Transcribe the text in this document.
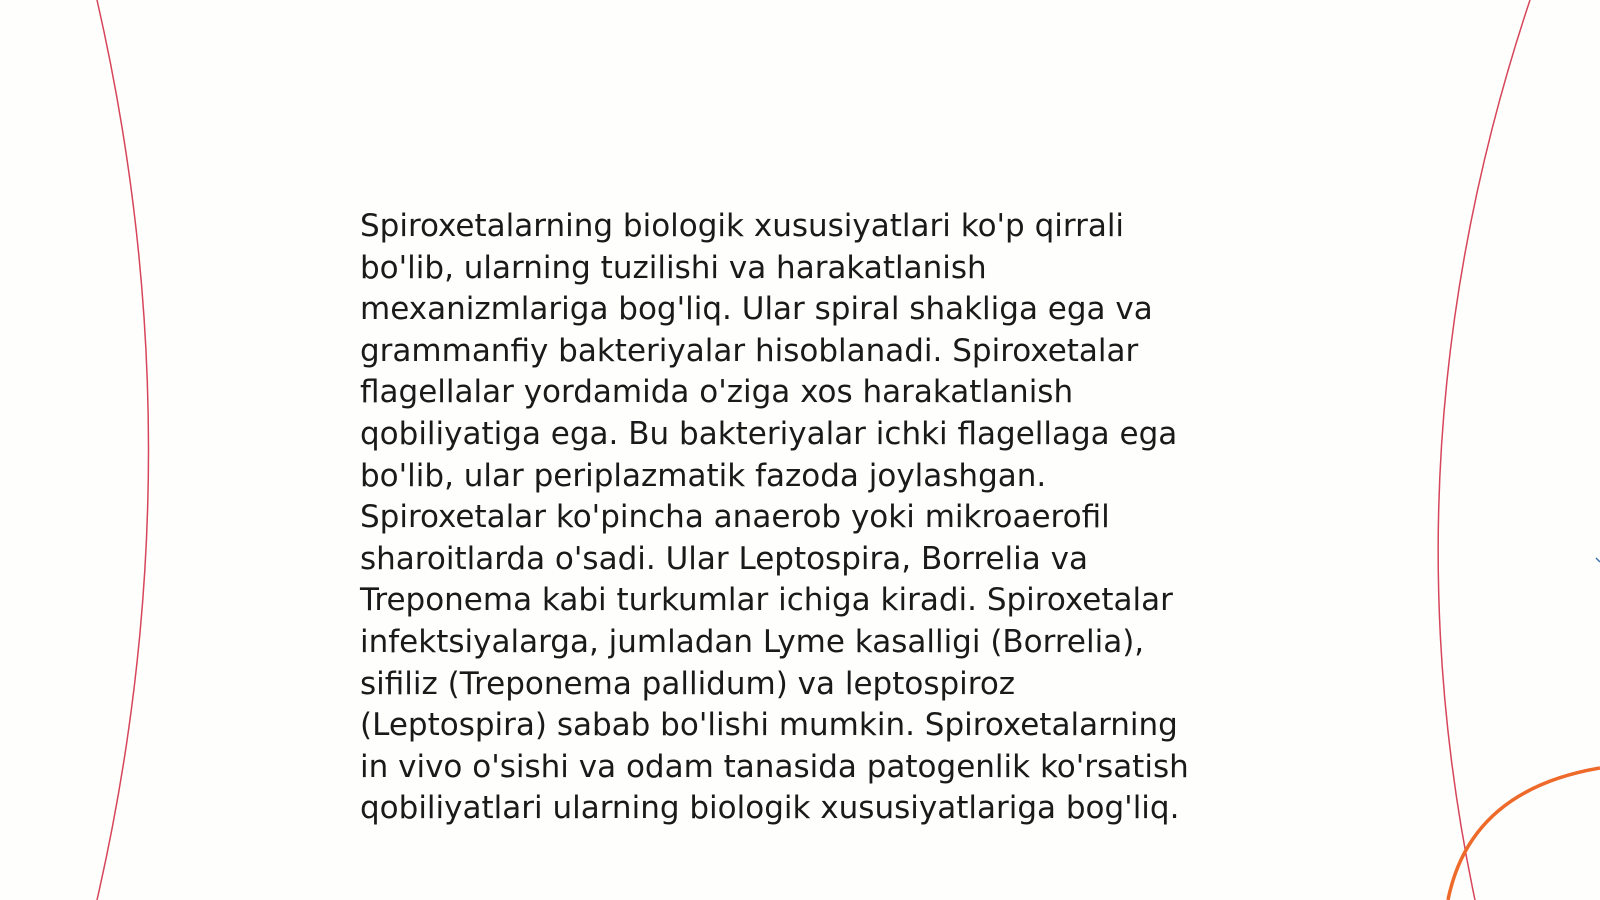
Spiroxetalarning biologik xususiyatlari ko'p qirrali
bo'lib, ularning tuzilishi va harakatlanish
mexanizmlariga bog'liq. Ular spiral shakliga ega va
grammanfiy bakteriyalar hisoblanadi. Spiroxetalar
flagellalar yordamida o'ziga xos harakatlanish
qobiliyatiga ega. Bu bakteriyalar ichki flagellaga ega
bo'lib, ular periplazmatik fazoda joylashgan.
Spiroxetalar ko'pincha anaerob yoki mikroaerofil
sharoitlarda o'sadi. Ular Leptospira, Borrelia va
Treponema kabi turkumlar ichiga kiradi. Spiroxetalar
infektsiyalarga, jumladan Lyme kasalligi (Borrelia),
sifiliz (Treponema pallidum) va leptospiroz
(Leptospira) sabab bo'lishi mumkin. Spiroxetalarning
in vivo o'sishi va odam tanasida patogenlik ko'rsatish
qobiliyatlari ularning biologik xususiyatlariga bog'liq.
